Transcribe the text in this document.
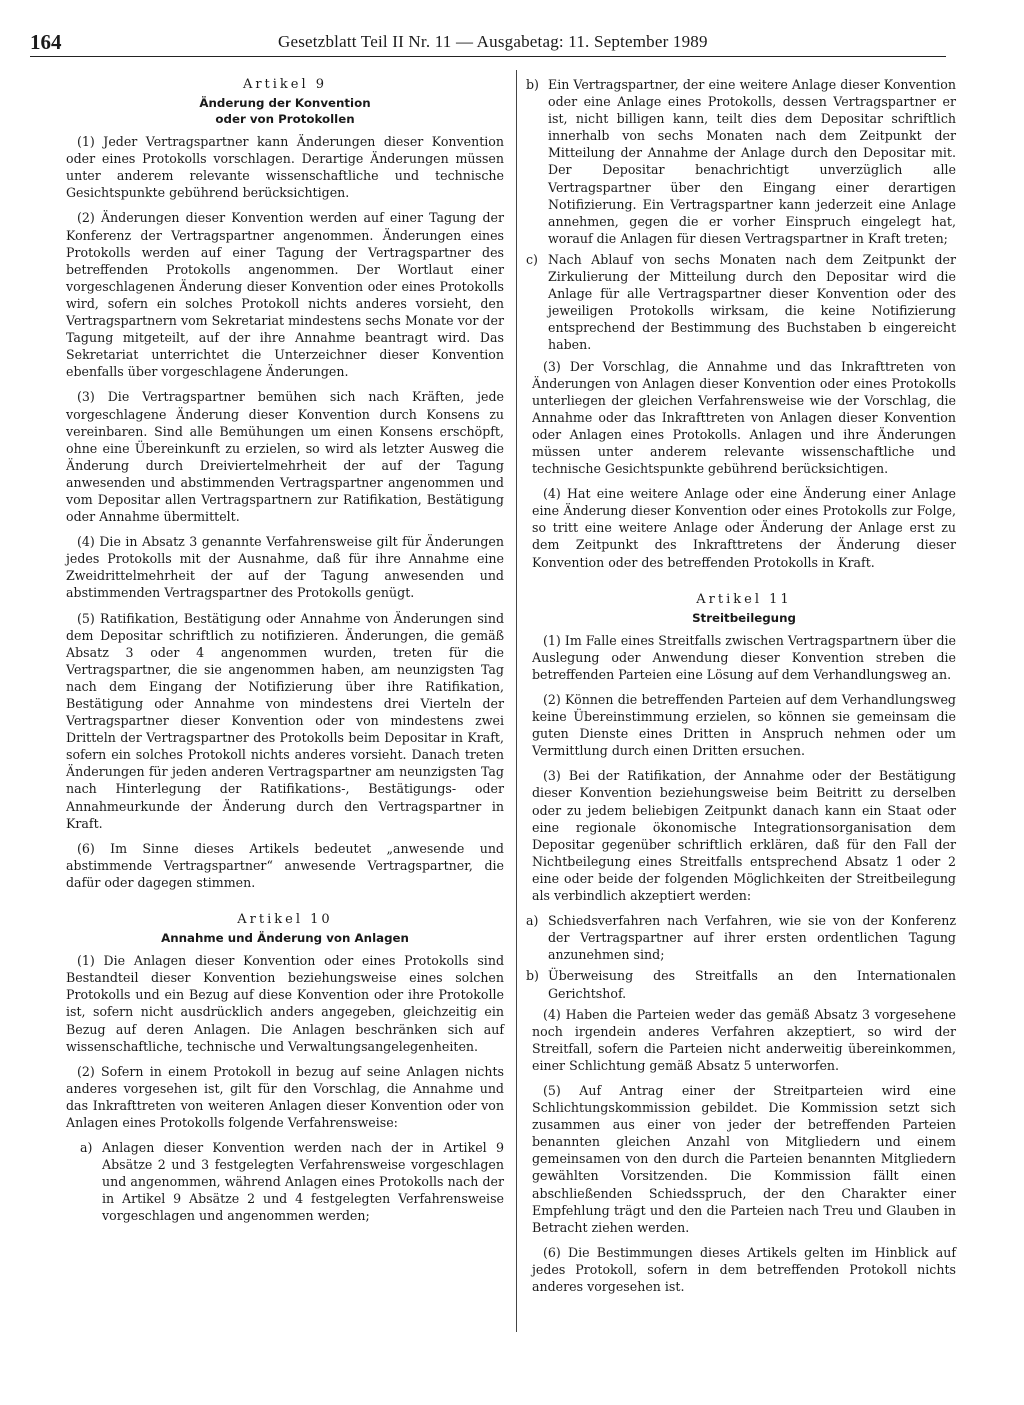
164	Gesetzblatt Teil II Nr. 11 — Ausgabetag: 11. September 1989

Artikel 9

Änderung der Konvention
oder von Protokollen

(1) Jeder Vertragspartner kann Änderungen dieser Konvention oder eines Protokolls vorschlagen. Derartige Änderungen müssen unter anderem relevante wissenschaftliche und technische Gesichtspunkte gebührend berücksichtigen.

(2) Änderungen dieser Konvention werden auf einer Tagung der Konferenz der Vertragspartner angenommen. Änderungen eines Protokolls werden auf einer Tagung der Vertragspartner des betreffenden Protokolls angenommen. Der Wortlaut einer vorgeschlagenen Änderung dieser Konvention oder eines Protokolls wird, sofern ein solches Protokoll nichts anderes vorsieht, den Vertragspartnern vom Sekretariat mindestens sechs Monate vor der Tagung mitgeteilt, auf der ihre Annahme beantragt wird. Das Sekretariat unterrichtet die Unterzeichner dieser Konvention ebenfalls über vorgeschlagene Änderungen.

(3) Die Vertragspartner bemühen sich nach Kräften, jede vorgeschlagene Änderung dieser Konvention durch Konsens zu vereinbaren. Sind alle Bemühungen um einen Konsens erschöpft, ohne eine Übereinkunft zu erzielen, so wird als letzter Ausweg die Änderung durch Dreiviertelmehrheit der auf der Tagung anwesenden und abstimmenden Vertragspartner angenommen und vom Depositar allen Vertragspartnern zur Ratifikation, Bestätigung oder Annahme übermittelt.

(4) Die in Absatz 3 genannte Verfahrensweise gilt für Änderungen jedes Protokolls mit der Ausnahme, daß für ihre Annahme eine Zweidrittelmehrheit der auf der Tagung anwesenden und abstimmenden Vertragspartner des Protokolls genügt.

(5) Ratifikation, Bestätigung oder Annahme von Änderungen sind dem Depositar schriftlich zu notifizieren. Änderungen, die gemäß Absatz 3 oder 4 angenommen wurden, treten für die Vertragspartner, die sie angenommen haben, am neunzigsten Tag nach dem Eingang der Notifizierung über ihre Ratifikation, Bestätigung oder Annahme von mindestens drei Vierteln der Vertragspartner dieser Konvention oder von mindestens zwei Dritteln der Vertragspartner des Protokolls beim Depositar in Kraft, sofern ein solches Protokoll nichts anderes vorsieht. Danach treten Änderungen für jeden anderen Vertragspartner am neunzigsten Tag nach Hinterlegung der Ratifikations-, Bestätigungs- oder Annahmeurkunde der Änderung durch den Vertragspartner in Kraft.

(6) Im Sinne dieses Artikels bedeutet „anwesende und abstimmende Vertragspartner“ anwesende Vertragspartner, die dafür oder dagegen stimmen.

Artikel 10

Annahme und Änderung von Anlagen

(1) Die Anlagen dieser Konvention oder eines Protokolls sind Bestandteil dieser Konvention beziehungsweise eines solchen Protokolls und ein Bezug auf diese Konvention oder ihre Protokolle ist, sofern nicht ausdrücklich anders angegeben, gleichzeitig ein Bezug auf deren Anlagen. Die Anlagen beschränken sich auf wissenschaftliche, technische und Verwaltungsangelegenheiten.

(2) Sofern in einem Protokoll in bezug auf seine Anlagen nichts anderes vorgesehen ist, gilt für den Vorschlag, die Annahme und das Inkrafttreten von weiteren Anlagen dieser Konvention oder von Anlagen eines Protokolls folgende Verfahrensweise:

a) Anlagen dieser Konvention werden nach der in Artikel 9 Absätze 2 und 3 festgelegten Verfahrensweise vorgeschlagen und angenommen, während Anlagen eines Protokolls nach der in Artikel 9 Absätze 2 und 4 festgelegten Verfahrensweise vorgeschlagen und angenommen werden;
b) Ein Vertragspartner, der eine weitere Anlage dieser Konvention oder eine Anlage eines Protokolls, dessen Vertragspartner er ist, nicht billigen kann, teilt dies dem Depositar schriftlich innerhalb von sechs Monaten nach dem Zeitpunkt der Mitteilung der Annahme der Anlage durch den Depositar mit. Der Depositar benachrichtigt unverzüglich alle Vertragspartner über den Eingang einer derartigen Notifizierung. Ein Vertragspartner kann jederzeit eine Anlage annehmen, gegen die er vorher Einspruch eingelegt hat, worauf die Anlagen für diesen Vertragspartner in Kraft treten;
c) Nach Ablauf von sechs Monaten nach dem Zeitpunkt der Zirkulierung der Mitteilung durch den Depositar wird die Anlage für alle Vertragspartner dieser Konvention oder des jeweiligen Protokolls wirksam, die keine Notifizierung entsprechend der Bestimmung des Buchstaben b eingereicht haben.

(3) Der Vorschlag, die Annahme und das Inkrafttreten von Änderungen von Anlagen dieser Konvention oder eines Protokolls unterliegen der gleichen Verfahrensweise wie der Vorschlag, die Annahme oder das Inkrafttreten von Anlagen dieser Konvention oder Anlagen eines Protokolls. Anlagen und ihre Änderungen müssen unter anderem relevante wissenschaftliche und technische Gesichtspunkte gebührend berücksichtigen.

(4) Hat eine weitere Anlage oder eine Änderung einer Anlage eine Änderung dieser Konvention oder eines Protokolls zur Folge, so tritt eine weitere Anlage oder Änderung der Anlage erst zu dem Zeitpunkt des Inkrafttretens der Änderung dieser Konvention oder des betreffenden Protokolls in Kraft.

Artikel 11

Streitbeilegung

(1) Im Falle eines Streitfalls zwischen Vertragspartnern über die Auslegung oder Anwendung dieser Konvention streben die betreffenden Parteien eine Lösung auf dem Verhandlungsweg an.

(2) Können die betreffenden Parteien auf dem Verhandlungsweg keine Übereinstimmung erzielen, so können sie gemeinsam die guten Dienste eines Dritten in Anspruch nehmen oder um Vermittlung durch einen Dritten ersuchen.

(3) Bei der Ratifikation, der Annahme oder der Bestätigung dieser Konvention beziehungsweise beim Beitritt zu derselben oder zu jedem beliebigen Zeitpunkt danach kann ein Staat oder eine regionale ökonomische Integrationsorganisation dem Depositar gegenüber schriftlich erklären, daß für den Fall der Nichtbeilegung eines Streitfalls entsprechend Absatz 1 oder 2 eine oder beide der folgenden Möglichkeiten der Streitbeilegung als verbindlich akzeptiert werden:

a) Schiedsverfahren nach Verfahren, wie sie von der Konferenz der Vertragspartner auf ihrer ersten ordentlichen Tagung anzunehmen sind;
b) Überweisung des Streitfalls an den Internationalen Gerichtshof.

(4) Haben die Parteien weder das gemäß Absatz 3 vorgesehene noch irgendein anderes Verfahren akzeptiert, so wird der Streitfall, sofern die Parteien nicht anderweitig übereinkommen, einer Schlichtung gemäß Absatz 5 unterworfen.

(5) Auf Antrag einer der Streitparteien wird eine Schlichtungskommission gebildet. Die Kommission setzt sich zusammen aus einer von jeder der betreffenden Parteien benannten gleichen Anzahl von Mitgliedern und einem gemeinsamen von den durch die Parteien benannten Mitgliedern gewählten Vorsitzenden. Die Kommission fällt einen abschließenden Schiedsspruch, der den Charakter einer Empfehlung trägt und den die Parteien nach Treu und Glauben in Betracht ziehen werden.

(6) Die Bestimmungen dieses Artikels gelten im Hinblick auf jedes Protokoll, sofern in dem betreffenden Protokoll nichts anderes vorgesehen ist.
